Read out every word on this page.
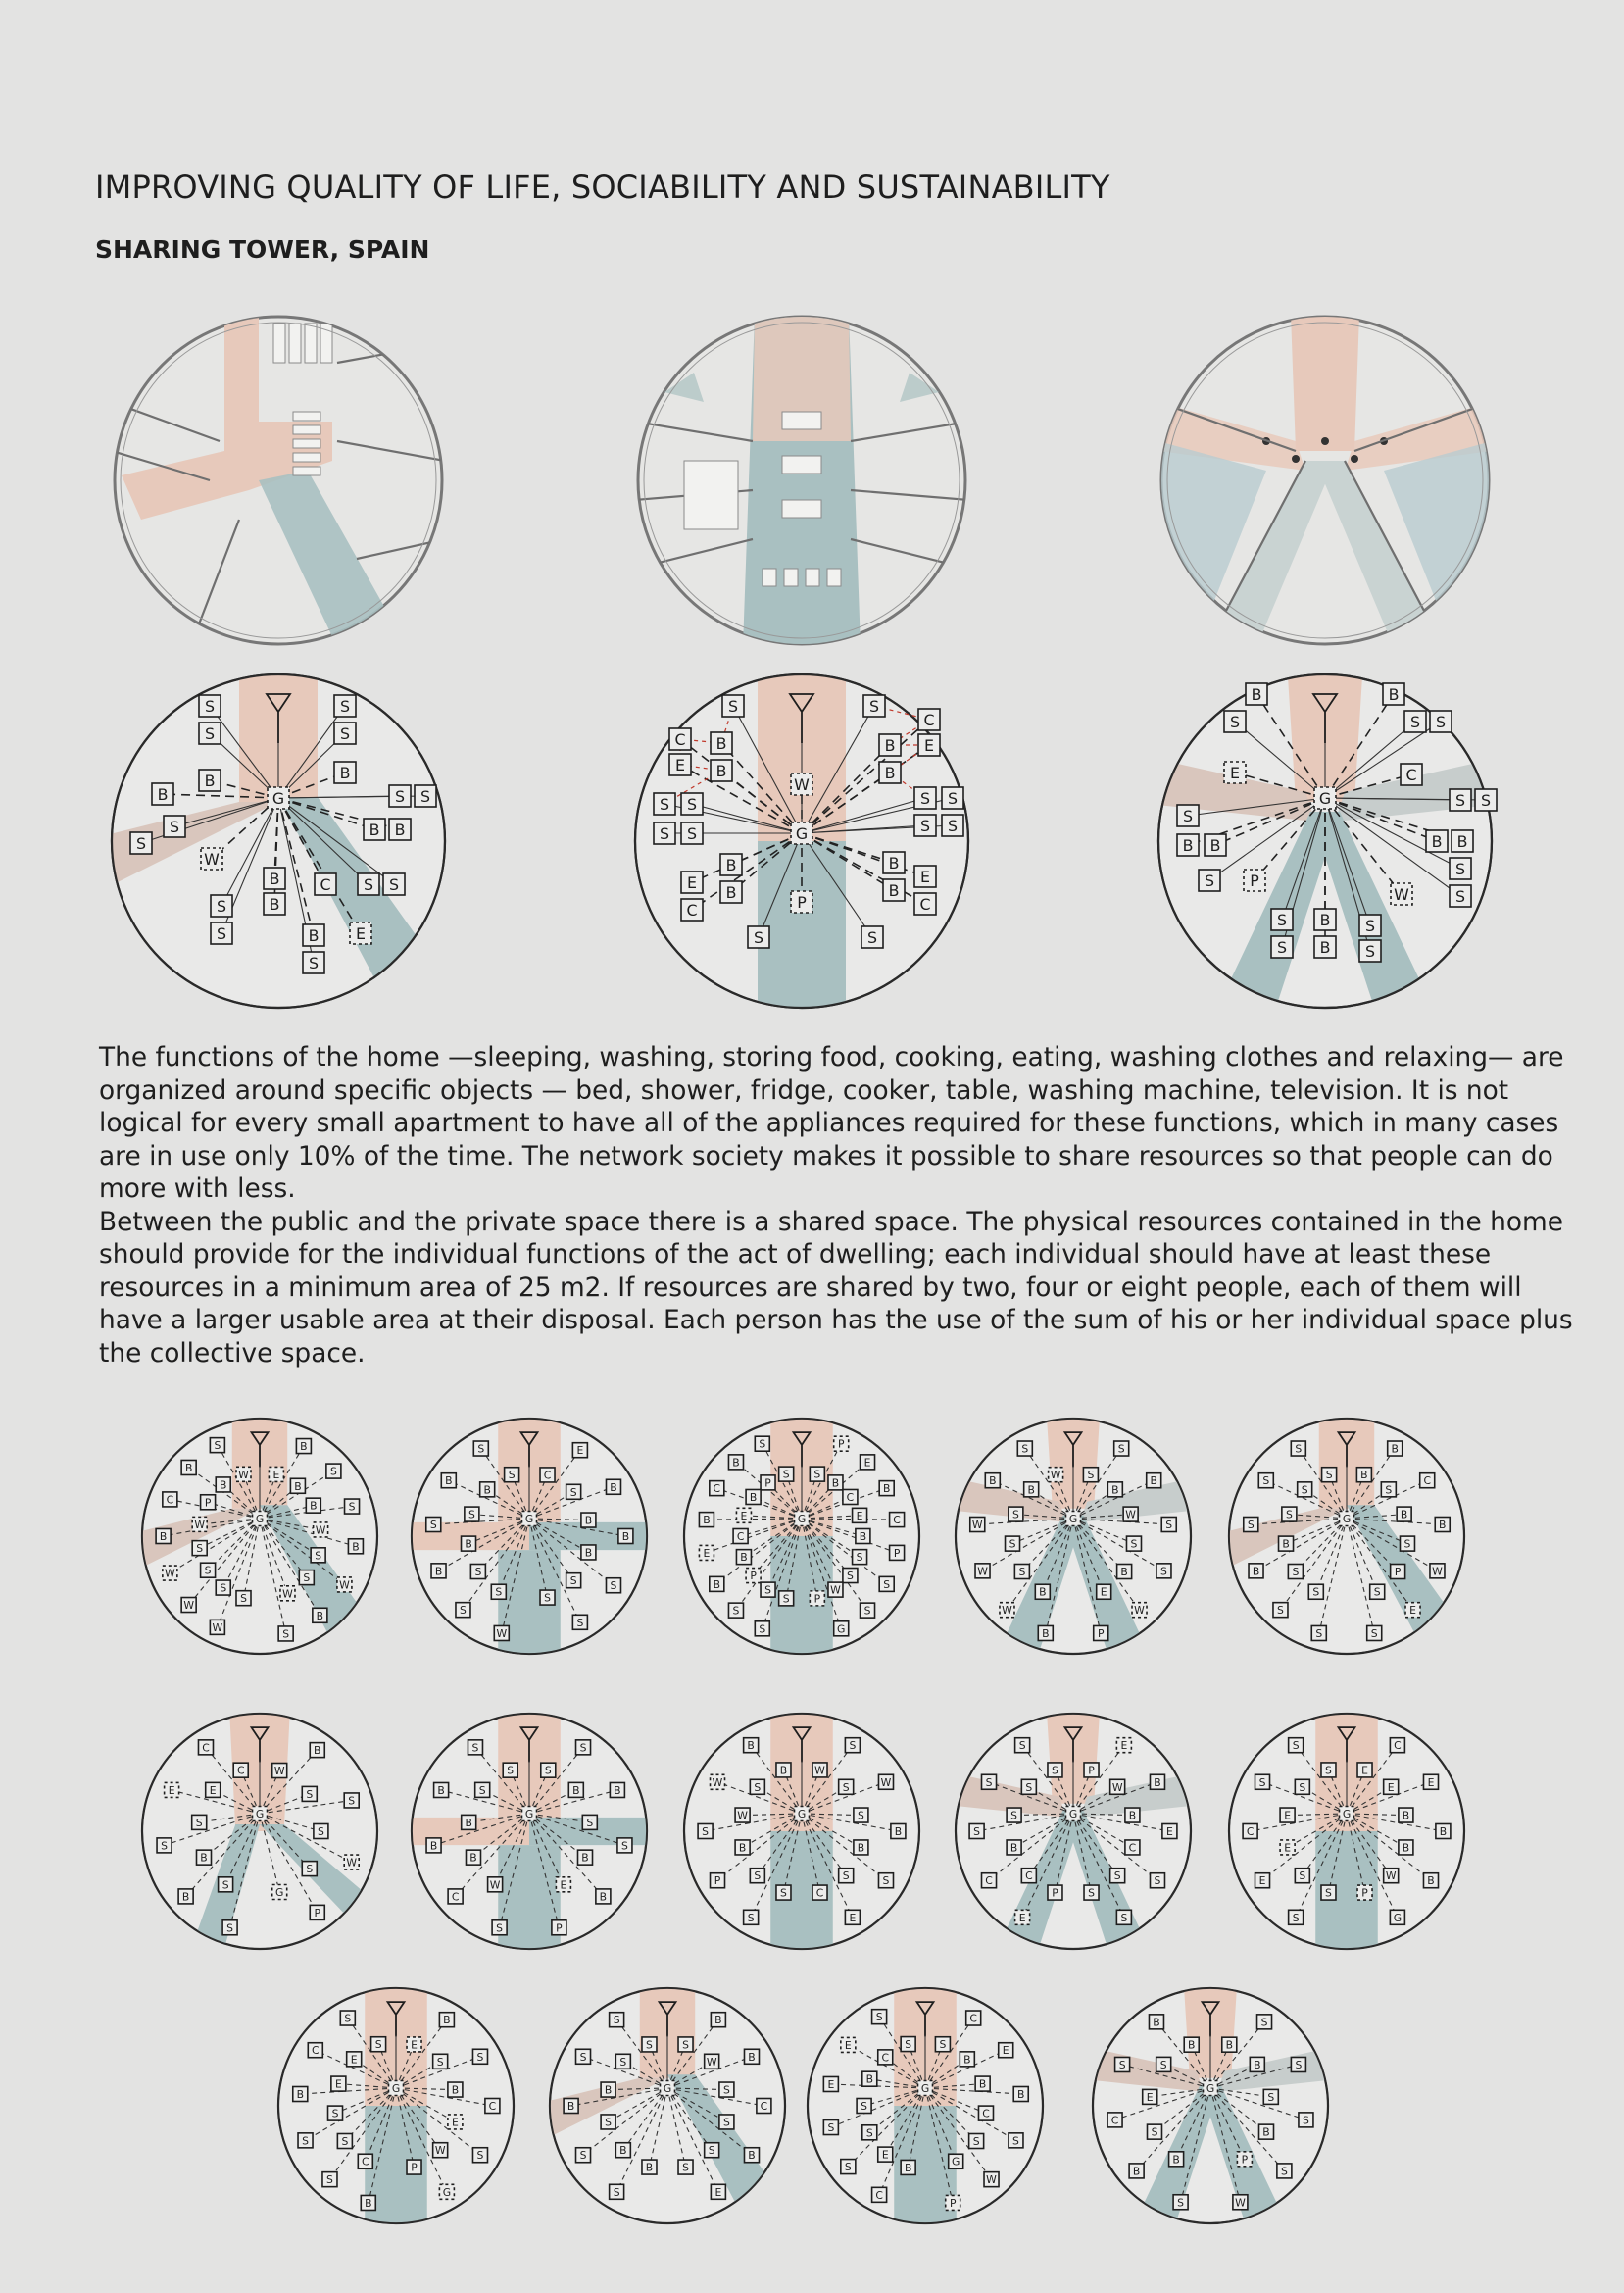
IMPROVING QUALITY OF LIFE, SOCIABILITY AND SUSTAINABILITY
SHARING TOWER, SPAIN

The functions of the home —sleeping, washing, storing food, cooking, eating, washing clothes and relaxing— are organized around specific objects — bed, shower, fridge, cooker, table, washing machine, television. It is not logical for every small apartment to have all of the appliances required for these functions, which in many cases are in use only 10% of the time. The network society makes it possible to share resources so that people can do more with less.

Between the public and the private space there is a shared space. The physical resources contained in the home should provide for the individual functions of the act of dwelling; each individual should have at least these resources in a minimum area of 25 m2. If resources are shared by two, four or eight people, each of them will have a larger usable area at their disposal. Each person has the use of the sum of his or her individual space plus the collective space.

S
S
B
S
S
B
B
S
S
S S
B B
W
B
B
S
S
C S S
B E
S
G
S
B
C
E B
S S
S S
B
E
B
C
S
S
C
B E
B
S S
S S
B
E
B
C
S
W
G
P
B
S
E
B
S S
C
S
B B
S P
S S
B B
S
S
W
S B S
S B S
G
W
S
B
B
P
C
W
B
S
W	S
W
S
W
S
E
B
B
S
B	S
W
B
S
W
S
B
W
S
G
S
S
B
B
S
S
B
B	S
S
S
W
C
E
S	B
B
B
B
S
S
S
S
G
S
S
P
B
B
C
E
B
C
E	B
B
P
S
S
S
S
S
P
B
E
C
B
E	C
B
P
S
S
S
S
W
G
P
G
W
S
B
B
S
W
S
W	S
W
B
B
S
S
B
B
W
S
S
S
B
W
E
P
G
S
S
S
S
S
S
B
B	S
S
S
S
B
B
S
C
B
B
S
W
P
E
S
S
G
C
C
E
E
S
S
B
B
S
S
W
B
S
S
S
W
S
P
G
G
S
S
S
B
B
B
B
C
W
S
S
S
B	B
S
S
B
B
E
P
G
B
B
S
W
W
S
B
P	S
S
S
W
S
S	W
S
B
B
S
S
E
C
G
S
S
S
S
S
S
B
C	C
E
P
P
E
W	B
B
E
C
S
S
S
S
G
S
S
S
S
E
C
E
E	S
S
S
E
C
E	E
B
B
B
B
W
G
P
G
S
S
E
C
E
B
S
S	S
S
C
B
E
B
S	S
B
C
E
S
W
G
P
G
S
S
S
S
B
B
S
S	B
S
B
S
B
W	B
S
C
S
B
S
E
S
G
S
S
C
E
B
E
S
S	S
S
E
C
B
S
C
B
E
B
B
C
S
S
W
G
P
G
B
B
S
S
E
C
S
B
B
S
B
S
B	S
S
S
B
S
P
W
G
